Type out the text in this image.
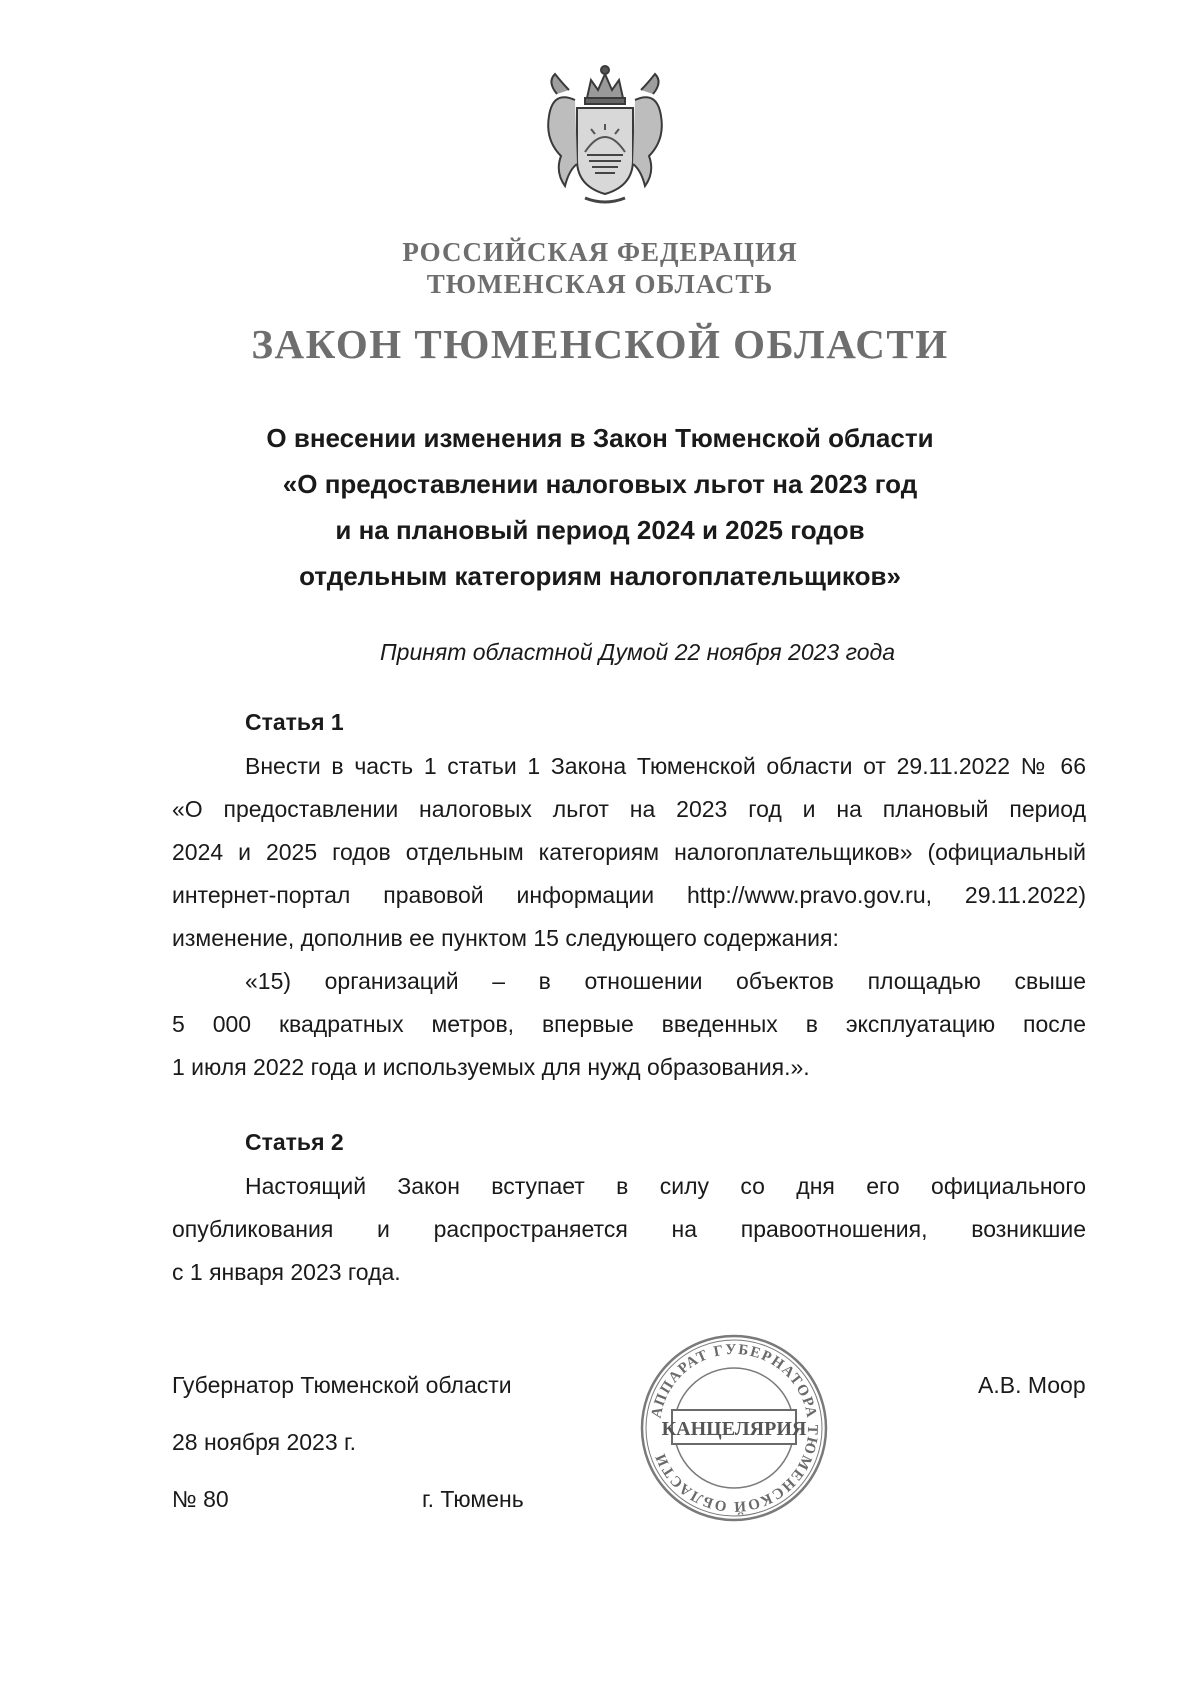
РОССИЙСКАЯ ФЕДЕРАЦИЯ
ТЮМЕНСКАЯ ОБЛАСТЬ
ЗАКОН ТЮМЕНСКОЙ ОБЛАСТИ
О внесении изменения в Закон Тюменской области
«О предоставлении налоговых льгот на 2023 год
и на плановый период 2024 и 2025 годов
отдельным категориям налогоплательщиков»
Принят областной Думой 22 ноября 2023 года
Статья 1
Внести в часть 1 статьи 1 Закона Тюменской области от 29.11.2022 № 66
«О предоставлении налоговых льгот на 2023 год и на плановый период
2024 и 2025 годов отдельным категориям налогоплательщиков» (официальный
интернет-портал правовой информации http://www.pravo.gov.ru, 29.11.2022)
изменение, дополнив ее пунктом 15 следующего содержания:
«15) организаций – в отношении объектов площадью свыше
5 000 квадратных метров, впервые введенных в эксплуатацию после
1 июля 2022 года и используемых для нужд образования.».
Статья 2
Настоящий Закон вступает в силу со дня его официального
опубликования и распространяется на правоотношения, возникшие
с 1 января 2023 года.
Губернатор Тюменской области	А.В. Моор
28 ноября 2023 г.
№ 80	г. Тюмень
АППАРАТ ГУБЕРНАТОРА ТЮМЕНСКОЙ ОБЛАСТИ
КАНЦЕЛЯРИЯ
